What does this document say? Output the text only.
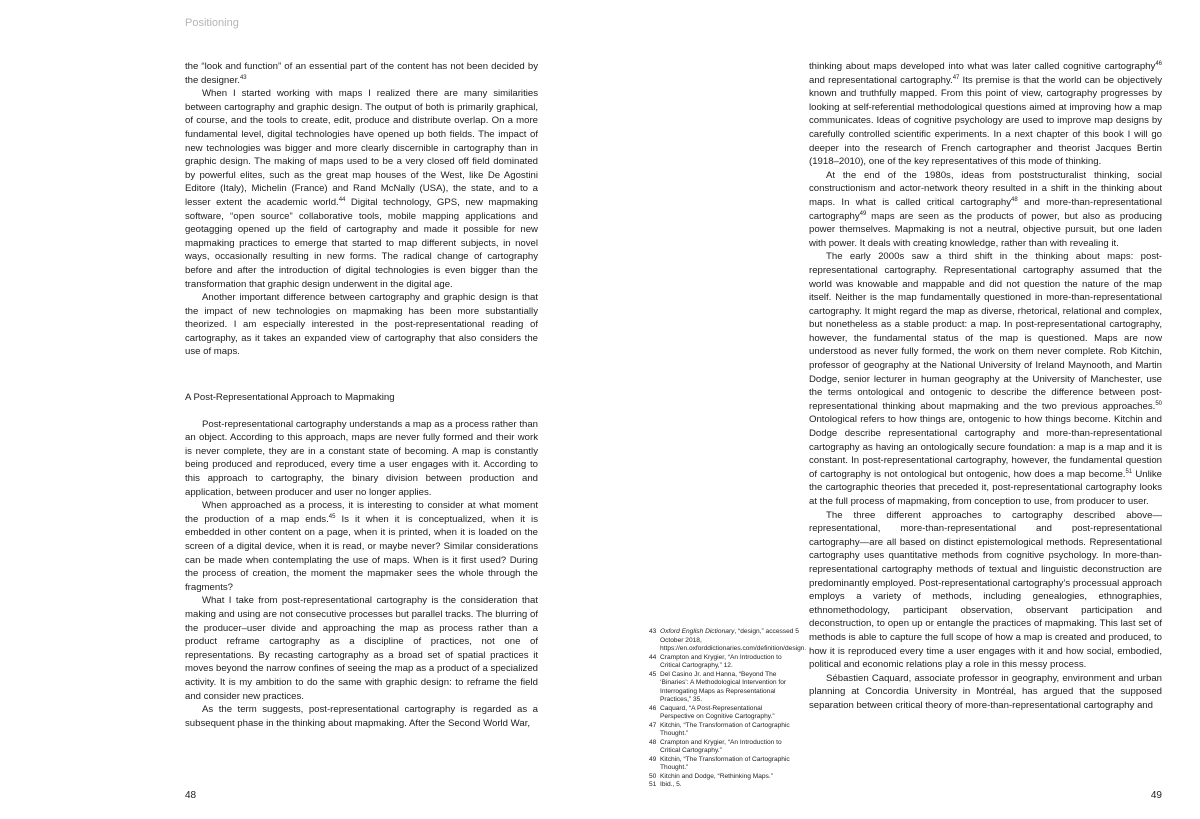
Positioning

the “look and function” of an essential part of the content has not been decided by the designer.$^{43}$

When I started working with maps I realized there are many similarities between cartography and graphic design. The output of both is primarily graphical, of course, and the tools to create, edit, produce and distribute overlap. On a more fundamental level, digital technologies have opened up both fields. The impact of new technologies was bigger and more clearly discernible in cartography than in graphic design. The making of maps used to be a very closed off field dominated by powerful elites, such as the great map houses of the West, like De Agostini Editore (Italy), Michelin (France) and Rand McNally (USA), the state, and to a lesser extent the academic world.$^{44}$ Digital technology, GPS, new mapmaking software, “open source” collaborative tools, mobile mapping applications and geotagging opened up the field of cartography and made it possible for new mapmaking practices to emerge that started to map different subjects, in novel ways, occasionally resulting in new forms. The radical change of cartography before and after the introduction of digital technologies is even bigger than the transformation that graphic design underwent in the digital age.

Another important difference between cartography and graphic design is that the impact of new technologies on mapmaking has been more substantially theorized. I am especially interested in the post-representational reading of cartography, as it takes an expanded view of cartography that also considers the use of maps.

A Post-Representational Approach to Mapmaking

Post-representational cartography understands a map as a process rather than an object. According to this approach, maps are never fully formed and their work is never complete, they are in a constant state of becoming. A map is constantly being produced and reproduced, every time a user engages with it. According to this approach to cartography, the binary division between production and application, between producer and user no longer applies.

When approached as a process, it is interesting to consider at what moment the production of a map ends.$^{45}$ Is it when it is conceptualized, when it is embedded in other content on a page, when it is printed, when it is loaded on the screen of a digital device, when it is read, or maybe never? Similar considerations can be made when contemplating the use of maps. When is it first used? During the process of creation, the moment the mapmaker sees the whole through the fragments?

What I take from post-representational cartography is the consideration that making and using are not consecutive processes but parallel tracks. The blurring of the producer–user divide and approaching the map as process rather than a product reframe cartography as a discipline of practices, not one of representations. By recasting cartography as a broad set of spatial practices it moves beyond the narrow confines of seeing the map as a product of a specialized activity. It is my ambition to do the same with graphic design: to reframe the field and consider new practices.

As the term suggests, post-representational cartography is regarded as a subsequent phase in the thinking about mapmaking. After the Second World War,

thinking about maps developed into what was later called cognitive cartography$^{46}$ and representational cartography.$^{47}$ Its premise is that the world can be objectively known and truthfully mapped. From this point of view, cartography progresses by looking at self-referential methodological questions aimed at improving how a map communicates. Ideas of cognitive psychology are used to improve map designs by carefully controlled scientific experiments. In a next chapter of this book I will go deeper into the research of French cartographer and theorist Jacques Bertin (1918–2010), one of the key representatives of this mode of thinking.

At the end of the 1980s, ideas from poststructuralist thinking, social constructionism and actor-network theory resulted in a shift in the thinking about maps. In what is called critical cartography$^{48}$ and more-than-representational cartography$^{49}$ maps are seen as the products of power, but also as producing power themselves. Mapmaking is not a neutral, objective pursuit, but one laden with power. It deals with creating knowledge, rather than with revealing it.

The early 2000s saw a third shift in the thinking about maps: post-representational cartography. Representational cartography assumed that the world was knowable and mappable and did not question the nature of the map itself. Neither is the map fundamentally questioned in more-than-representational cartography. It might regard the map as diverse, rhetorical, relational and complex, but nonetheless as a stable product: a map. In post-representational cartography, however, the fundamental status of the map is questioned. Maps are now understood as never fully formed, the work on them never complete. Rob Kitchin, professor of geography at the National University of Ireland Maynooth, and Martin Dodge, senior lecturer in human geography at the University of Manchester, use the terms ontological and ontogenic to describe the difference between post-representational thinking about mapmaking and the two previous approaches.$^{50}$ Ontological refers to how things are, ontogenic to how things become. Kitchin and Dodge describe representational cartography and more-than-representational cartography as having an ontologically secure foundation: a map is a map and it is constant. In post-representational cartography, however, the fundamental question of cartography is not ontological but ontogenic, how does a map become.$^{51}$ Unlike the cartographic theories that preceded it, post-representational cartography looks at the full process of mapmaking, from conception to use, from producer to user.

The three different approaches to cartography described above—representational, more-than-representational and post-representational cartography—are all based on distinct epistemological methods. Representational cartography uses quantitative methods from cognitive psychology. In more-than-representational cartography methods of textual and linguistic deconstruction are predominantly employed. Post-representational cartography’s processual approach employs a variety of methods, including genealogies, ethnographies, ethnomethodology, participant observation, observant participation and deconstruction, to open up or entangle the practices of mapmaking. This last set of methods is able to capture the full scope of how a map is created and produced, to how it is reproduced every time a user engages with it and how social, embodied, political and economic relations play a role in this messy process.

Sébastien Caquard, associate professor in geography, environment and urban planning at Concordia University in Montréal, has argued that the supposed separation between critical theory of more-than-representational cartography and

43 Oxford English Dictionary, “design,” accessed 5 October 2018, https://en.oxforddictionaries.com/definition/design.
44 Crampton and Krygier, “An Introduction to Critical Cartography,” 12.
45 Del Casino Jr. and Hanna, “Beyond The ‘Binaries’: A Methodological Intervention for Interrogating Maps as Representational Practices,” 35.
46 Caquard, “A Post-Representational Perspective on Cognitive Cartography.”
47 Kitchin, “The Transformation of Cartographic Thought.”
48 Crampton and Krygier, “An Introduction to Critical Cartography.”
49 Kitchin, “The Transformation of Cartographic Thought.”
50 Kitchin and Dodge, “Rethinking Maps.”
51 Ibid., 5.
48	49
